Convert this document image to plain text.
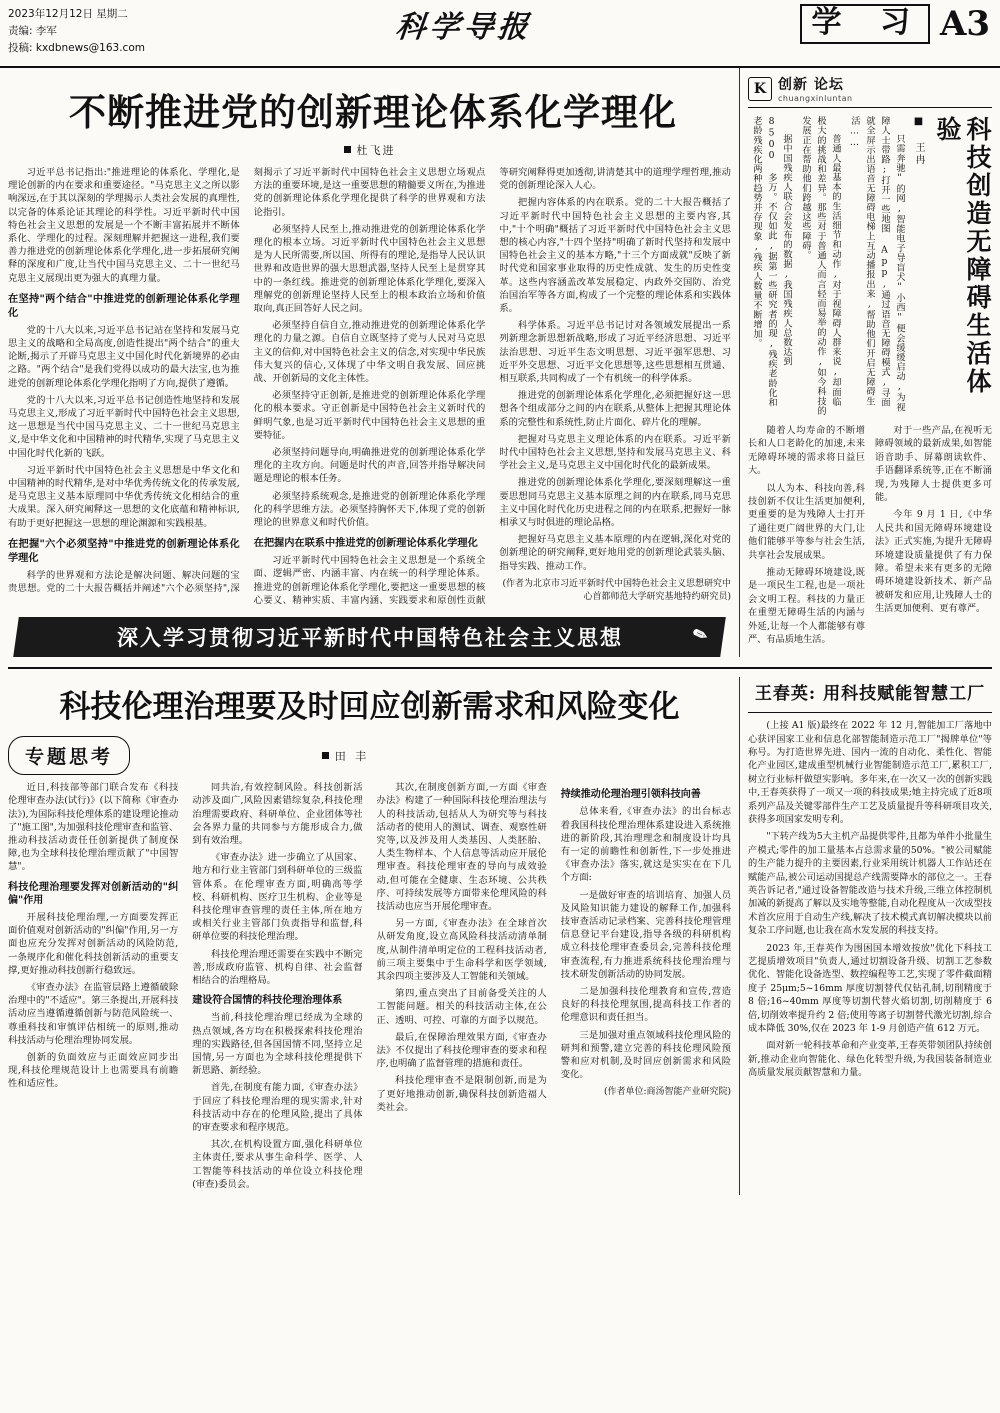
2023年12月12日 星期二
责编: 李军
投稿: kxdbnews@163.com
科学导报	学 习 A3
不断推进党的创新理论体系化学理化
杜飞进

习近平总书记指出:"推进理论的体系化、学理化,是理论创新的内在要求和重要途径。"马克思主义之所以影响深远,在于其以深刻的学理揭示人类社会发展的真理性,以完备的体系论证其理论的科学性。习近平新时代中国特色社会主义思想的发展是一个不断丰富拓展并不断体系化、学理化的过程。深刻理解并把握这一进程,我们要善力推进党的创新理论体系化学理化,进一步拓展研究阐释的深度和广度,让当代中国马克思主义、二十一世纪马克思主义展现出更为强大的真理力量。

在坚持"两个结合"中推进党的创新理论体系化学理化

党的十八大以来,习近平总书记站在坚持和发展马克思主义的战略和全局高度,创造性提出"两个结合"的重大论断,揭示了开辟马克思主义中国化时代化新境界的必由之路。"两个结合"是我们党得以成功的最大法宝,也为推进党的创新理论体系化学理化指明了方向,提供了遵循。

党的十八大以来,习近平总书记创造性地坚持和发展马克思主义,形成了习近平新时代中国特色社会主义思想,这一思想是当代中国马克思主义、二十一世纪马克思主义,是中华文化和中国精神的时代精华,实现了马克思主义中国化时代化新的飞跃。

习近平新时代中国特色社会主义思想是中华文化和中国精神的时代精华,是对中华优秀传统文化的传承发展,是马克思主义基本原理同中华优秀传统文化相结合的重大成果。深入研究阐释这一思想的文化底蕴和精神标识,有助于更好把握这一思想的理论渊源和实践根基。

在把握"六个必须坚持"中推进党的创新理论体系化学理化

科学的世界观和方法论是解决问题、解决问题的宝贵思想。党的二十大报告概括并阐述"六个必须坚持",深刻揭示了习近平新时代中国特色社会主义思想立场观点方法的重要环境,是这一重要思想的精髓要义所在,为推进党的创新理论体系化学理化提供了科学的世界观和方法论指引。

必须坚持人民至上,推动推进党的创新理论体系化学理化的根本立场。习近平新时代中国特色社会主义思想是为人民所需要,所以国、所得有的理论,是指导人民认识世界和改造世界的强大思想武器,坚持人民至上是贯穿其中的一条红线。推进党的创新理论体系化学理化,要深入理解党的创新理论坚持人民至上的根本政治立场和价值取向,真正回答好人民之问。

必须坚持自信自立,推动推进党的创新理论体系化学理化的力量之源。自信自立既坚持了党与人民对马克思主义的信仰,对中国特色社会主义的信念,对实现中华民族伟大复兴的信心,又体现了中华文明自我发展、回应挑战、开创新局的文化主体性。

必须坚持守正创新,是推进党的创新理论体系化学理化的根本要求。守正创新是中国特色社会主义新时代的鲜明气象,也是习近平新时代中国特色社会主义思想的重要特征。

必须坚持问题导向,明确推进党的创新理论体系化学理化的主攻方向。问题是时代的声音,回答并指导解决问题是理论的根本任务。

必须坚持系统观念,是推进党的创新理论体系化学理化的科学思维方法。必须坚持胸怀天下,体现了党的创新理论的世界意义和时代价值。

在把握内在联系中推进党的创新理论体系化学理化

习近平新时代中国特色社会主义思想是一个系统全面、逻辑严密、内涵丰富、内在统一的科学理论体系。推进党的创新理论体系化学理化,要把这一重要思想的核心要义、精神实质、丰富内涵、实践要求和原创性贡献等研究阐释得更加透彻,讲清楚其中的道理学理哲理,推动党的创新理论深入人心。

把握内容体系的内在联系。党的二十大报告概括了习近平新时代中国特色社会主义思想的主要内容,其中,"十个明确"概括了习近平新时代中国特色社会主义思想的核心内容,"十四个坚持"明确了新时代坚持和发展中国特色社会主义的基本方略,"十三个方面成就"反映了新时代党和国家事业取得的历史性成就、发生的历史性变革。这些内容涵盖改革发展稳定、内政外交国防、治党治国治军等各方面,构成了一个完整的理论体系和实践体系。

科学体系。习近平总书记讨对各领域发展提出一系列新理念新思想新战略,形成了习近平经济思想、习近平法治思想、习近平生态文明思想、习近平强军思想、习近平外交思想、习近平文化思想等,这些思想相互贯通、相互联系,共同构成了一个有机统一的科学体系。

推进党的创新理论体系化学理化,必须把握好这一思想各个组成部分之间的内在联系,从整体上把握其理论体系的完整性和系统性,防止片面化、碎片化的理解。

把握对马克思主义理论体系的内在联系。习近平新时代中国特色社会主义思想,坚持和发展马克思主义、科学社会主义,是马克思主义中国化时代化的最新成果。

推进党的创新理论体系化学理化,要深刻理解这一重要思想同马克思主义基本原理之间的内在联系,同马克思主义中国化时代化历史进程之间的内在联系,把握好一脉相承又与时俱进的理论品格。

把握好马克思主义基本原理的内在逻辑,深化对党的创新理论的研究阐释,更好地用党的创新理论武装头脑、指导实践、推动工作。

(作者为北京市习近平新时代中国特色社会主义思想研究中心首都师范大学研究基地特约研究员)
深入学习贯彻习近平新时代中国特色社会主义思想	✎
K 创新 论坛
chuangxinluntan
科技创造无障碍生活体验
■ 王冉

只需奔驰"的网,智能电子导盲犬"小西"便会缓缓启动,为视障人士带路;打开一些地图 App,通过语音无障碍模式,寻面就全屏示出语音无障碍电梯上互动播报出来,帮助他们开启无障碍生活……

普通人最基本的生活细节和动作,对于视障碍人群来说,却面临极大的挑战和差异。那些对于普通人而言轻而易举的动作,如今科技的发展正在帮助他们跨越这些障碍。

据中国残疾人联合会发布的数据,我国残疾人总数达到 8500 多万。不仅如此,据第一些研究者的现,残疾老龄化和老龄残疾化两种趋势并存现象,残疾人数量不断增加。

随着人均寿命的不断增长和人口老龄化的加速,未来无障碍环境的需求将日益巨大。

以人为本、科技向善,科技创新不仅让生活更加便利,更重要的是为残障人士打开了通往更广阔世界的大门,让他们能够平等参与社会生活,共享社会发展成果。

推动无障碍环境建设,既是一项民生工程,也是一项社会文明工程。科技的力量正在重塑无障碍生活的内涵与外延,让每一个人都能够有尊严、有品质地生活。

对于一些产品,在视听无障碍领域的最新成果,如智能语音助手、屏幕朗读软件、手语翻译系统等,正在不断涌现,为残障人士提供更多可能。

今年 9 月 1 日,《中华人民共和国无障碍环境建设法》正式实施,为提升无障碍环境建设质量提供了有力保障。希望未来有更多的无障碍环境建设新技术、新产品被研发和应用,让残障人士的生活更加便利、更有尊严。

科技伦理治理要及时回应创新需求和风险变化
专题思考	田 丰

近日,科技部等部门联合发布《科技伦理审查办法(试行)》(以下简称《审查办法》),为国际科技伦理体系的建设理论推动了"施工图",为加强科技伦理审查和监管、推动科技活动责任任创新提供了制度保障,也为全球科技伦理治理贡献了"中国智慧"。

科技伦理治理要发挥对创新活动的"纠偏"作用

开展科技伦理治理,一方面要发挥正面价值观对创新活动的"纠偏"作用,另一方面也应充分发挥对创新活动的风险防范,一条规序化和催化科技创新活动的重要支撑,更好推动科技创新行稳致远。

《审查办法》在监管层路上遵循破除治理中的"不适应"。第三条提出,开展科技活动应当遵循遵循创新与防范风险统一、尊重科技和审慎评估相统一的原则,推动科技活动与伦理治理协同发展。

创新的负面效应与正面效应同步出现,科技伦理规范设计上也需要具有前瞻性和适应性。

同共治,有效控制风险。科技创新活动涉及面广,风险因素错综复杂,科技伦理治理需要政府、科研单位、企业团体等社会各界力量的共同参与方能形成合力,做到有效治理。

《审查办法》进一步确立了从国家、地方和行业主管部门到科研单位的三级监管体系。在伦理审查方面,明确高等学校、科研机构、医疗卫生机构、企业等是科技伦理审查管理的责任主体,所在地方或相关行业主管部门负责指导和监督,科研单位要的科技伦理治理。

科技伦理治理还需要在实践中不断完善,形成政府监管、机构自律、社会监督相结合的治理格局。

建设符合国情的科技伦理治理体系

当前,科技伦理治理已经成为全球的热点领域,各方均在积极探索科技伦理治理的实践路径,但各国国情不同,坚持立足国情,另一方面也为全球科技伦理提供下新思路、新经验。

首先,在制度有能力面,《审查办法》于回应了科技伦理治理的现实需求,针对科技活动中存在的伦理风险,提出了具体的审查要求和程序规范。

其次,在机构设置方面,强化科研单位主体责任,要求从事生命科学、医学、人工智能等科技活动的单位设立科技伦理(审查)委员会。

其次,在制度创新方面,一方面《审查办法》构建了一种国际科技伦理治理法与人的科技活动,包括从人为研究等与科技活动者的使用人的测试、调查、观察性研究等,以及涉及用人类基因、人类胚胎、人类生物样本、个人信息等活动应开展伦理审查。科技伦理审查的导向与成效验动,但可能在全健康、生态环境、公共秩序、可持续发展等方面带来伦理风险的科技活动也应当开展伦理审查。

另一方面,《审查办法》在全球首次从研发角度,设立高风险科技活动清单制度,从制件清单明定位的工程科技活动者,前三项主要集中于生命科学和医学领域,其余四项主要涉及人工智能和关领域。

第四,重点突出了目前备受关注的人工智能问题。相关的科技活动主体,在公正、透明、可控、可靠的方面予以规范。

最后,在保障治理效果方面,《审查办法》不仅提出了科技伦理审查的要求和程序,也明确了监督管理的措施和责任。

科技伦理审查不是限制创新,而是为了更好地推动创新,确保科技创新造福人类社会。

持续推动伦理治理引领科技向善

总体来看,《审查办法》的出台标志着我国科技伦理治理体系建设进入系统推进的新阶段,其治理理念和制度设计均具有一定的前瞻性和创新性,下一步处推进《审查办法》落实,就这是实实在在下几个方面:

一是做好审查的培训培育、加强人员及风险知识能力建设的解释工作,加强科技审查活动记录档案、完善科技伦理管理信息登记平台建设,指导各级的科研机构成立科技伦理审查委员会,完善科技伦理审查流程,有力推进系统科技伦理治理与技术研发创新活动的协同发展。

二是加强科技伦理教育和宣传,营造良好的科技伦理氛围,提高科技工作者的伦理意识和责任担当。

三是加强对重点领域科技伦理风险的研判和预警,建立完善的科技伦理风险预警和应对机制,及时回应创新需求和风险变化。

(作者单位:商汤智能产业研究院)
王春英: 用科技赋能智慧工厂

(上接 A1 版)最终在 2022 年 12 月,智能加工厂落地中心获评国家工业和信息化部智能制造示范工厂"揭牌单位"等称号。为打造世界先进、国内一流的自动化、柔性化、智能化产业园区,建成重型机械行业智能制造示范工厂,累积工厂,树立行业标杆做望实影响。多年来,在一次又一次的创新实践中,王春英获得了一项又一项的科技成果;她主持完成了近8项系列产品及关键零部件生产工艺及质量提升等科研项目攻关,获得多项国家发明专利。

"下转产线为5大主机产品提供零件,且都为单件小批量生产模式;零件的加工量基本占总需求量的50%。"被公司赋能的生产能力提升的主要因素,行业采用统计机器人工作站还在赋能产品,被公司运动国提总产线需要降水的部位之一。王春英告诉记者,"通过设备智能改造与技术升级,三维立体控制机加减的新提高了解以及实地等整能,自动化程度从一次成型技术首次应用于自动生产线,解决了技术模式真切解决模块以前复杂工序问题,也让我在高水发发展的科技支持。

2023 年,王春英作为围困国本增效按放"优化下科技工艺提质增效项目"负责人,通过切割设备升级、切割工艺参数优化、智能化设备选型、数控编程等工艺,实现了零件截面精度子 25μm;5~16mm 厚度切割替代仅钻孔制,切削精度于 8 倍;16~40mm 厚度等切割代替火焰切割,切削精度于 6 倍,切削效率提升约 2 倍;使用等离子切割替代激光切割,综合成本降低 30%,仅在 2023 年 1-9 月创造产值 612 万元。

面对新一轮科技革命和产业变革,王春英带领团队持续创新,推动企业向智能化、绿色化转型升级,为我国装备制造业高质量发展贡献智慧和力量。
